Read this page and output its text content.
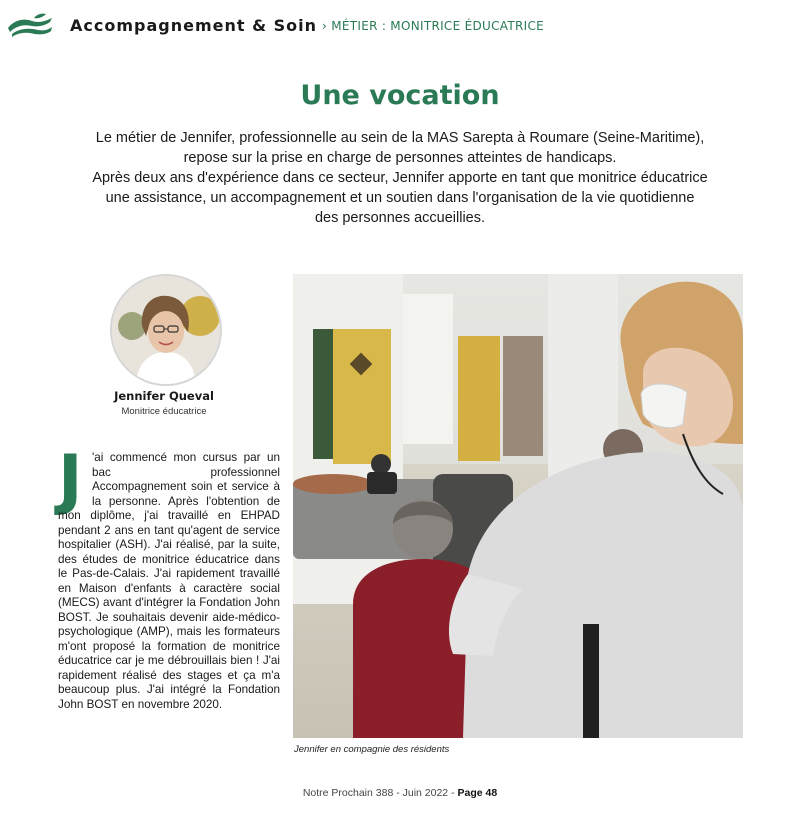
Accompagnement & Soin › MÉTIER : MONITRICE ÉDUCATRICE
Une vocation

Le métier de Jennifer, professionnelle au sein de la MAS Sarepta à Roumare (Seine-Maritime),

repose sur la prise en charge de personnes atteintes de handicaps.

Après deux ans d'expérience dans ce secteur, Jennifer apporte en tant que monitrice éducatrice

une assistance, un accompagnement et un soutien dans l'organisation de la vie quotidienne

des personnes accueillies.

Jennifer Queval
Monitrice éducatrice
J 'ai commencé mon cursus par un bac professionnel Accompagnement soin et service à la personne. Après l'obtention de mon diplôme, j'ai travaillé en EHPAD pendant 2 ans en tant qu'agent de service hospitalier (ASH). J'ai réalisé, par la suite, des études de monitrice éducatrice dans le Pas-de-Calais. J'ai rapidement travaillé en Maison d'enfants à caractère social (MECS) avant d'intégrer la Fondation John BOST. Je souhaitais devenir aide-médico-psychologique (AMP), mais les formateurs m'ont proposé la formation de monitrice éducatrice car je me débrouillais bien ! J'ai rapidement réalisé des stages et ça m'a beaucoup plus. J'ai intégré la Fondation John BOST en novembre 2020.
Jennifer en compagnie des résidents
Notre Prochain 388 - Juin 2022 - Page 48
